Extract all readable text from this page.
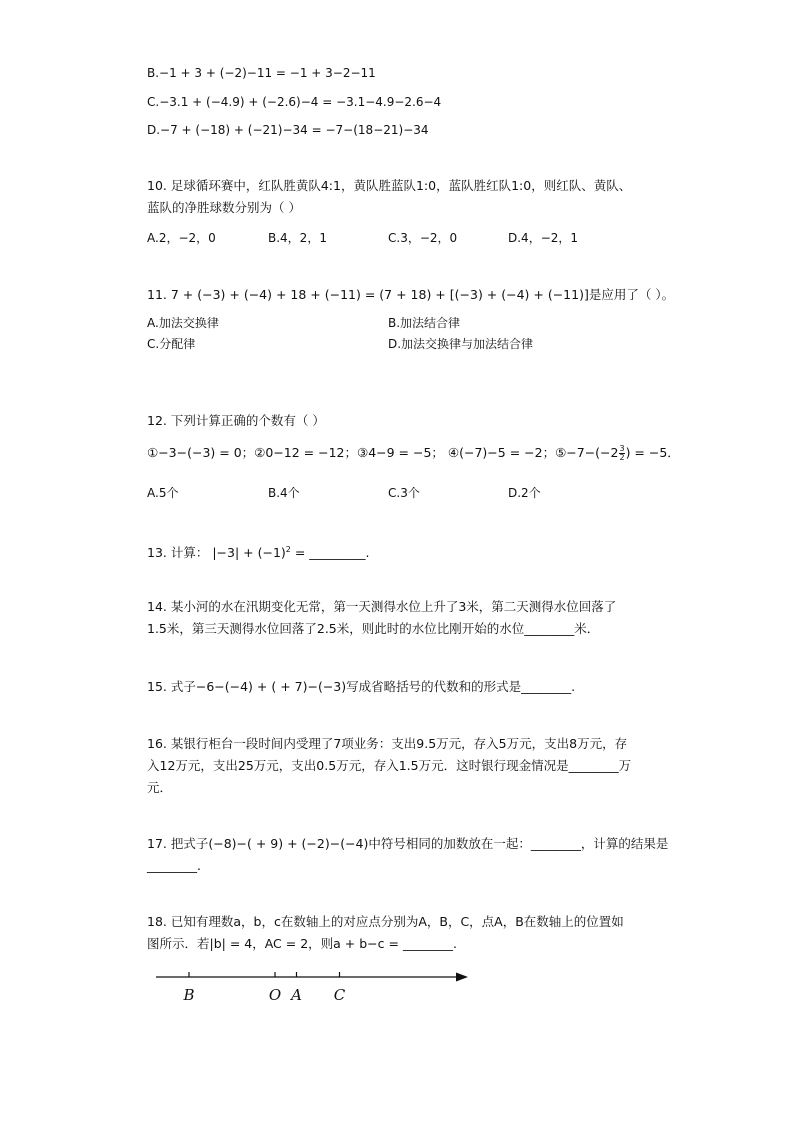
B.−1 + 3 + (−2)−11 = −1 + 3−2−11
C.−3.1 + (−4.9) + (−2.6)−4 = −3.1−4.9−2.6−4
D.−7 + (−18) + (−21)−34 = −7−(18−21)−34
10. 足球循环赛中，红队胜黄队4:1，黄队胜蓝队1:0，蓝队胜红队1:0，则红队、黄队、
蓝队的净胜球数分别为（ ）
A.2，−2，0	B.4，2，1	C.3，−2，0	D.4，−2，1
11. 7 + (−3) + (−4) + 18 + (−11) = (7 + 18) + [(−3) + (−4) + (−11)]是应用了（ ）。
A.加法交换律	B.加法结合律
C.分配律	D.加法交换律与加法结合律
12. 下列计算正确的个数有（ ）
①−3−(−3) = 0；②0−12 = −12；③4−9 = −5； ④(−7)−5 = −2；⑤−7−(−2 $\frac{3}{2}$ ) = −5．
A.5个	B.4个	C.3个	D.2个
13. 计算： $|-3| + (-1)^2$ = _________.
14. 某小河的水在汛期变化无常，第一天测得水位上升了3米，第二天测得水位回落了
1.5米，第三天测得水位回落了2.5米，则此时的水位比刚开始的水位________米．
15. 式子−6−(−4) + ( + 7)−(−3)写成省略括号的代数和的形式是________.
16. 某银行柜台一段时间内受理了7项业务：支出9.5万元，存入5万元，支出8万元，存
入12万元，支出25万元，支出0.5万元，存入1.5万元．这时银行现金情况是________万
元．
17. 把式子(−8)−( + 9) + (−2)−(−4)中符号相同的加数放在一起：________，计算的结果是
________.
18. 已知有理数a，b，c在数轴上的对应点分别为A，B，C，点A，B在数轴上的位置如
图所示．若|b| = 4，AC = 2，则a + b−c = ________.
B	O A C
